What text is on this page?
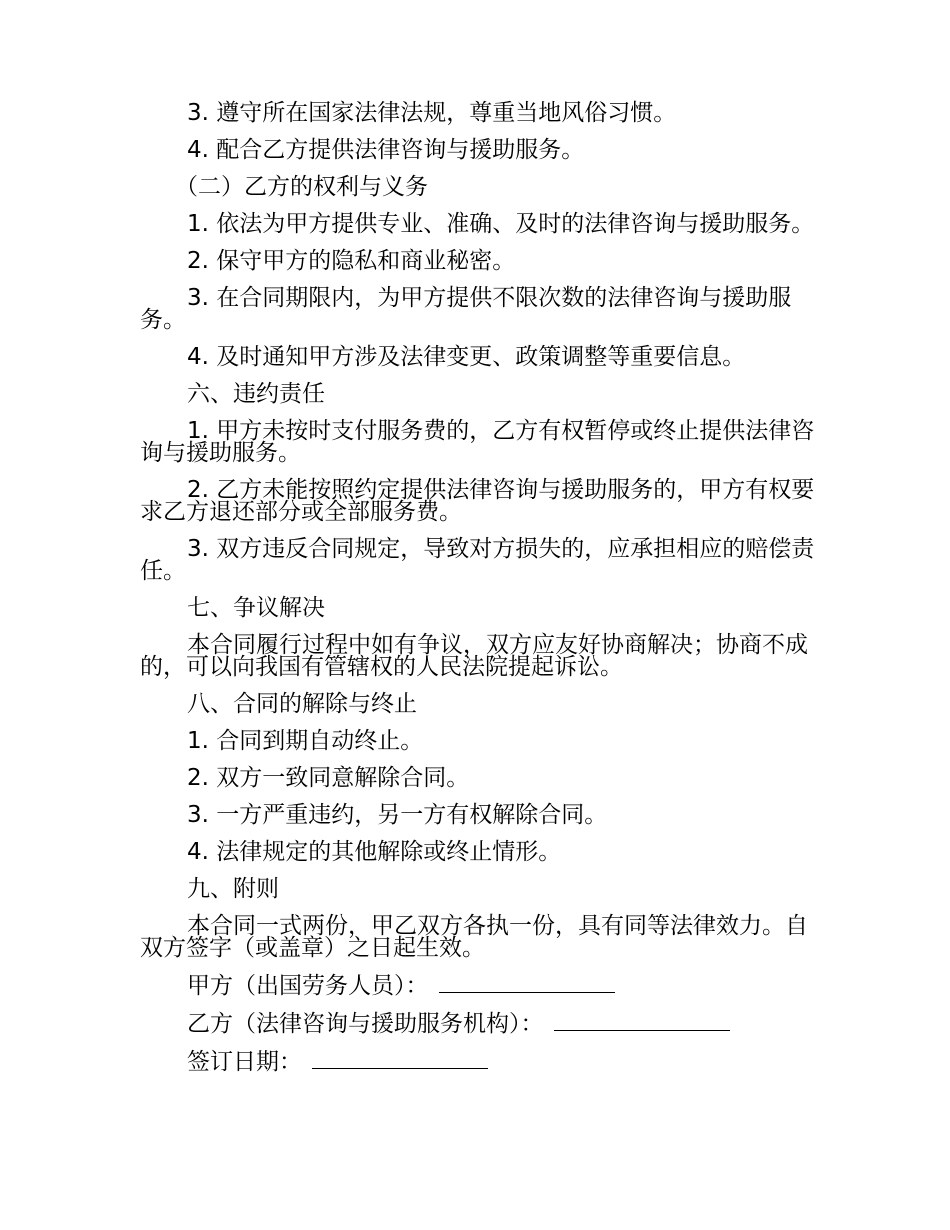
3. 遵守所在国家法律法规，尊重当地风俗习惯。

4. 配合乙方提供法律咨询与援助服务。

（二）乙方的权利与义务

1. 依法为甲方提供专业、准确、及时的法律咨询与援助服务。

2. 保守甲方的隐私和商业秘密。

3. 在合同期限内，为甲方提供不限次数的法律咨询与援助服务。

4. 及时通知甲方涉及法律变更、政策调整等重要信息。

六、违约责任

1. 甲方未按时支付服务费的，乙方有权暂停或终止提供法律咨询与援助服务。

2. 乙方未能按照约定提供法律咨询与援助服务的，甲方有权要求乙方退还部分或全部服务费。

3. 双方违反合同规定，导致对方损失的，应承担相应的赔偿责任。

七、争议解决

本合同履行过程中如有争议，双方应友好协商解决；协商不成的，可以向我国有管辖权的人民法院提起诉讼。

八、合同的解除与终止

1. 合同到期自动终止。

2. 双方一致同意解除合同。

3. 一方严重违约，另一方有权解除合同。

4. 法律规定的其他解除或终止情形。

九、附则

本合同一式两份，甲乙双方各执一份，具有同等法律效力。自双方签字（或盖章）之日起生效。

甲方（出国劳务人员）：
乙方（法律咨询与援助服务机构）：
签订日期：
